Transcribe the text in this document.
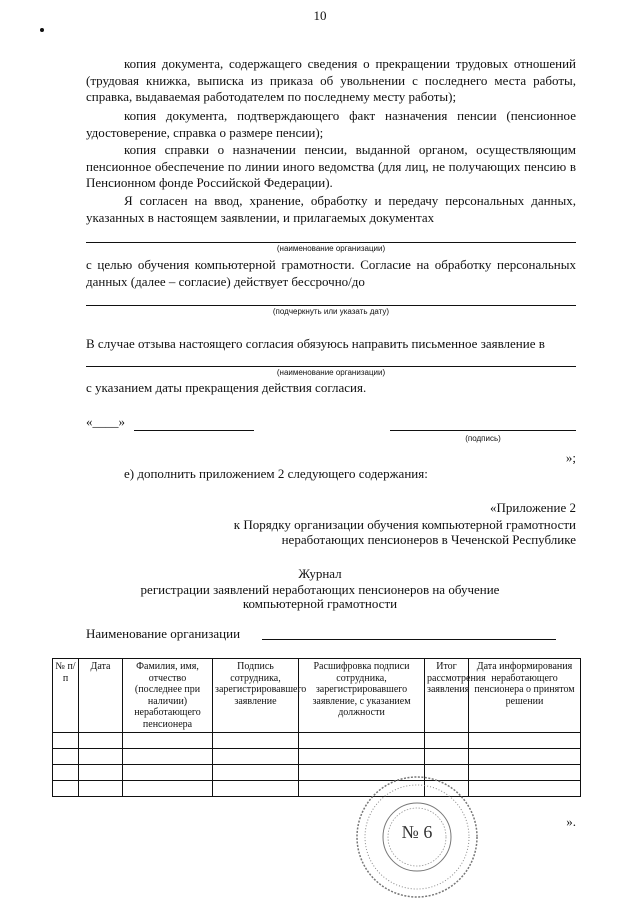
10
копия документа, содержащего сведения о прекращении трудовых отношений (трудовая книжка, выписка из приказа об увольнении с последнего места работы, справка, выдаваемая работодателем по последнему месту работы);
копия документа, подтверждающего факт назначения пенсии (пенсионное удостоверение, справка о размере пенсии);
копия справки о назначении пенсии, выданной органом, осуществляющим пенсионное обеспечение по линии иного ведомства (для лиц, не получающих пенсию в Пенсионном фонде Российской Федерации).
Я согласен на ввод, хранение, обработку и передачу персональных данных, указанных в настоящем заявлении, и прилагаемых документах
(наименование организации)
с целью обучения компьютерной грамотности. Согласие на обработку персональных данных (далее – согласие) действует бессрочно/до
(подчеркнуть или указать дату)
В случае отзыва настоящего согласия обязуюсь направить письменное заявление в
(наименование организации)
с указанием даты прекращения действия согласия.
«____»
(подпись)
»;
е) дополнить приложением 2 следующего содержания:
«Приложение 2
к Порядку организации обучения компьютерной грамотности
неработающих пенсионеров в Чеченской Республике
Журнал
регистрации заявлений неработающих пенсионеров на обучение
компьютерной грамотности
Наименование организации
№ п/п	Дата	Фамилия, имя, отчество (последнее при наличии) неработающего пенсионера	Подпись сотрудника, зарегистрировавшего заявление	Расшифровка подписи сотрудника, зарегистрировавшего заявление, с указанием должности	Итог рассмотрения заявления	Дата информирования неработающего пенсионера о принятом решении

».
№ 6
